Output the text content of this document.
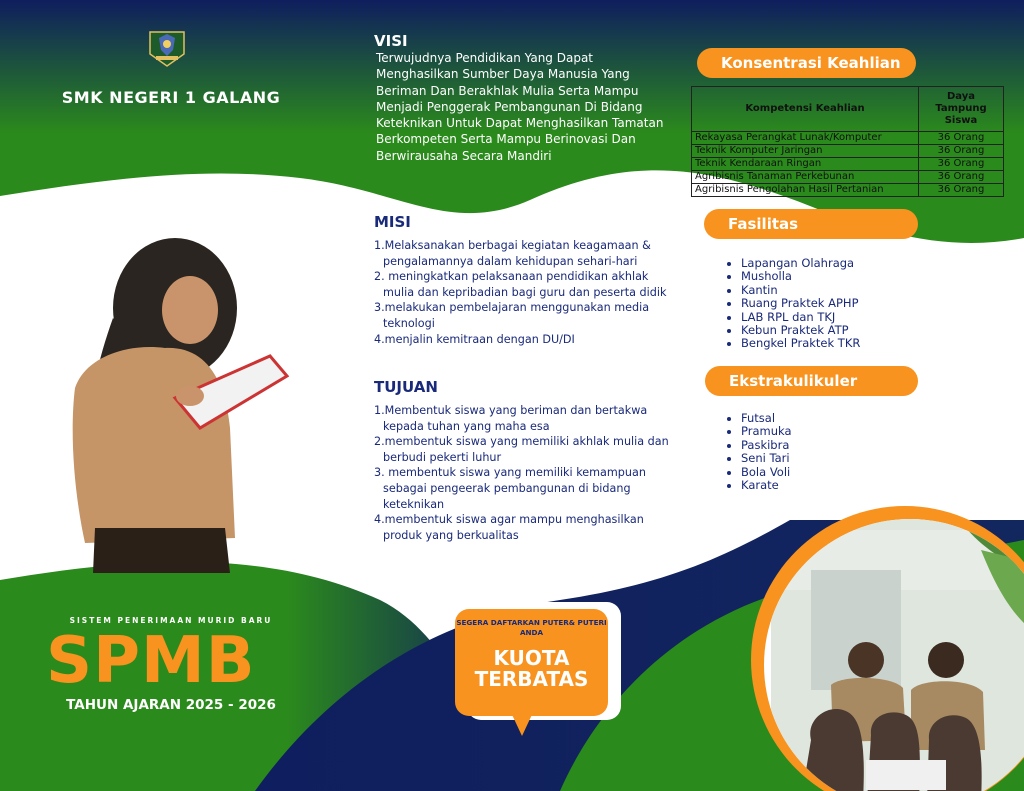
SMK NEGERI 1 GALANG
VISI
Terwujudnya Pendidikan Yang Dapat Menghasilkan Sumber Daya Manusia Yang Beriman Dan Berakhlak Mulia Serta Mampu Menjadi Penggerak Pembangunan Di Bidang Keteknikan Untuk Dapat Menghasilkan Tamatan Berkompeten Serta Mampu Berinovasi Dan Berwirausaha Secara Mandiri
MISI
1.Melaksanakan berbagai kegiatan keagamaan & pengalamannya dalam kehidupan sehari-hari
2. meningkatkan pelaksanaan pendidikan akhlak mulia dan kepribadian bagi guru dan peserta didik
3.melakukan pembelajaran menggunakan media teknologi
4.menjalin kemitraan dengan DU/DI
TUJUAN
1.Membentuk siswa yang beriman dan bertakwa kepada tuhan yang maha esa
2.membentuk siswa yang memiliki akhlak mulia dan berbudi pekerti luhur
3. membentuk siswa yang memiliki kemampuan sebagai pengeerak pembangunan di bidang keteknikan
4.membentuk siswa agar mampu menghasilkan produk yang berkualitas
Konsentrasi Keahlian
Kompetensi Keahlian	Daya Tampung Siswa
Rekayasa Perangkat Lunak/Komputer	36 Orang
Teknik Komputer Jaringan	36 Orang
Teknik Kendaraan Ringan	36 Orang
Agribisnis Tanaman Perkebunan	36 Orang
Agribisnis Pengolahan Hasil Pertanian	36 Orang
Fasilitas
• Lapangan Olahraga
• Musholla
• Kantin
• Ruang Praktek APHP
• LAB RPL dan TKJ
• Kebun Praktek ATP
• Bengkel Praktek TKR
Ekstrakulikuler
• Futsal
• Pramuka
• Paskibra
• Seni Tari
• Bola Voli
• Karate
SISTEM PENERIMAAN MURID BARU
SPMB
TAHUN AJARAN 2025 - 2026
SEGERA DAFTARKAN PUTER& PUTERI ANDA
KUOTA
TERBATAS
